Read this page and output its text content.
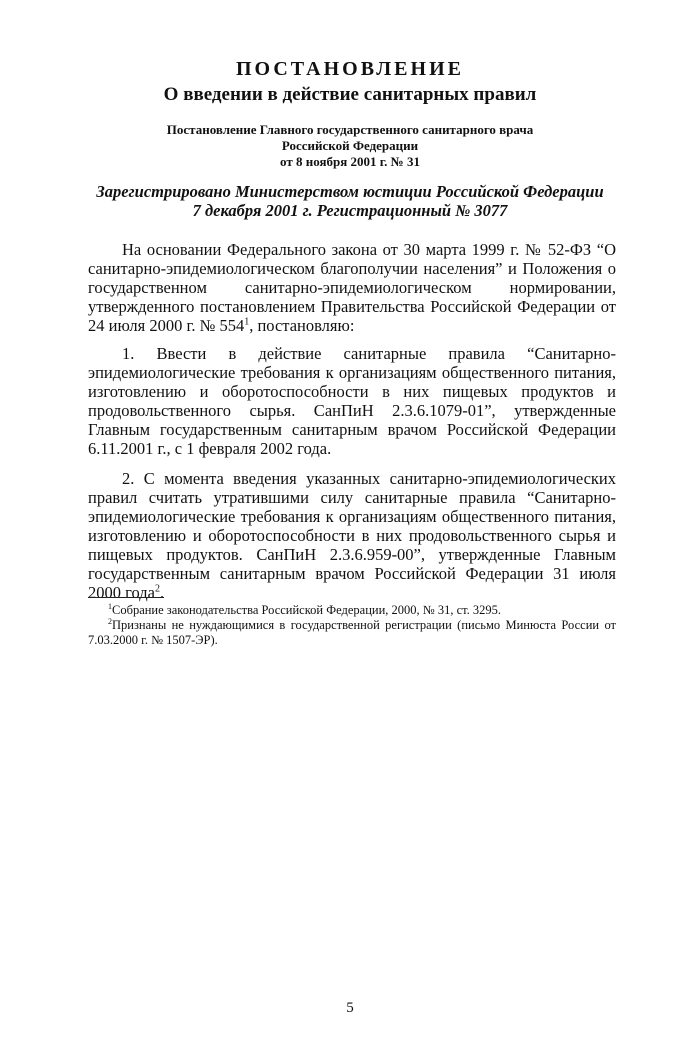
ПОСТАНОВЛЕНИЕ
О введении в действие санитарных правил
Постановление Главного государственного санитарного врача
Российской Федерации
от 8 ноября 2001 г. № 31
Зарегистрировано Министерством юстиции Российской Федерации
7 декабря 2001 г. Регистрационный № 3077

На основании Федерального закона от 30 марта 1999 г. № 52-ФЗ “О санитарно-эпидемиологическом благополучии населения” и Положения о государственном санитарно-эпидемиологическом нормировании, утвержденного постановлением Правительства Российской Федерации от 24 июля 2000 г. № $554^1$, постановляю:

1. Ввести в действие санитарные правила “Санитарно-эпидемиологические требования к организациям общественного питания, изготовлению и оборотоспособности в них пищевых продуктов и продовольственного сырья. СанПиН 2.3.6.1079-01”, утвержденные Главным государственным санитарным врачом Российской Федерации 6.11.2001 г., с 1 февраля 2002 года.

2. С момента введения указанных санитарно-эпидемиологических правил считать утратившими силу санитарные правила “Санитарно-эпидемиологические требования к организациям общественного питания, изготовлению и оборотоспособности в них продовольственного сырья и пищевых продуктов. СанПиН 2.3.6.959-00”, утвержденные Главным государственным санитарным врачом Российской Федерации 31 июля 2000 года$^2$.

$^1$Собрание законодательства Российской Федерации, 2000, № 31, ст. 3295.

$^2$Признаны не нуждающимися в государственной регистрации (письмо Минюста России от 7.03.2000 г. № 1507-ЭР).

5
